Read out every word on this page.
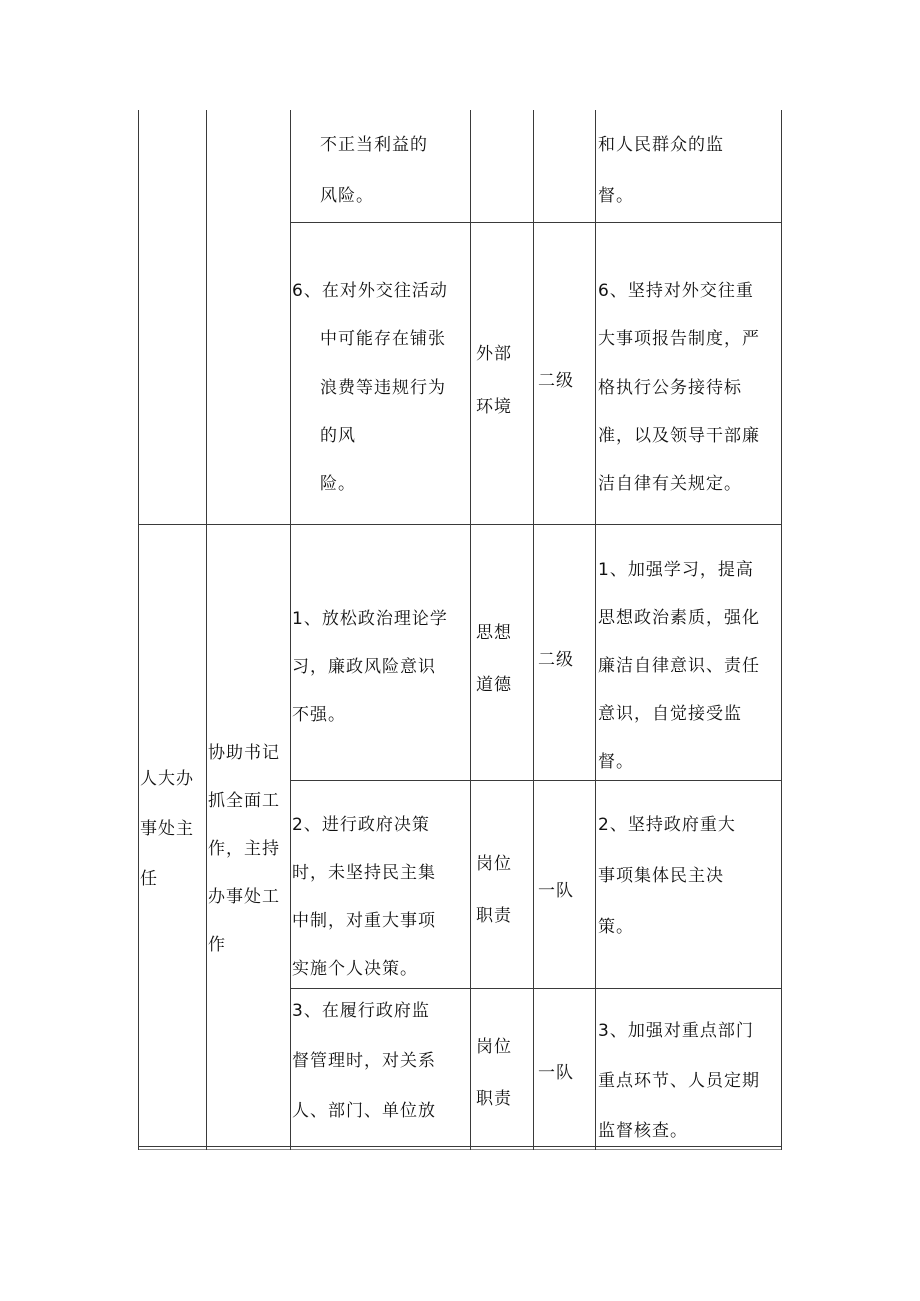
不正当利益的
风险。
和人民群众的监
督。
6、在对外交往活动
中可能存在铺张
浪费等违规行为
的风
险。
外部
环境
二级
6、坚持对外交往重
大事项报告制度，严
格执行公务接待标
准，以及领导干部廉
洁自律有关规定。
人大办
事处主
任
协助书记
抓全面工
作，主持
办事处工
作
1、放松政治理论学
习，廉政风险意识
不强。
思想
道德
二级
1、加强学习，提高
思想政治素质，强化
廉洁自律意识、责任
意识，自觉接受监
督。
2、进行政府决策
时，未坚持民主集
中制，对重大事项
实施个人决策。
岗位
职责
一队
2、坚持政府重大
事项集体民主决
策。
3、在履行政府监
督管理时，对关系
人、部门、单位放
岗位
职责
一队
3、加强对重点部门
重点环节、人员定期
监督核查。
